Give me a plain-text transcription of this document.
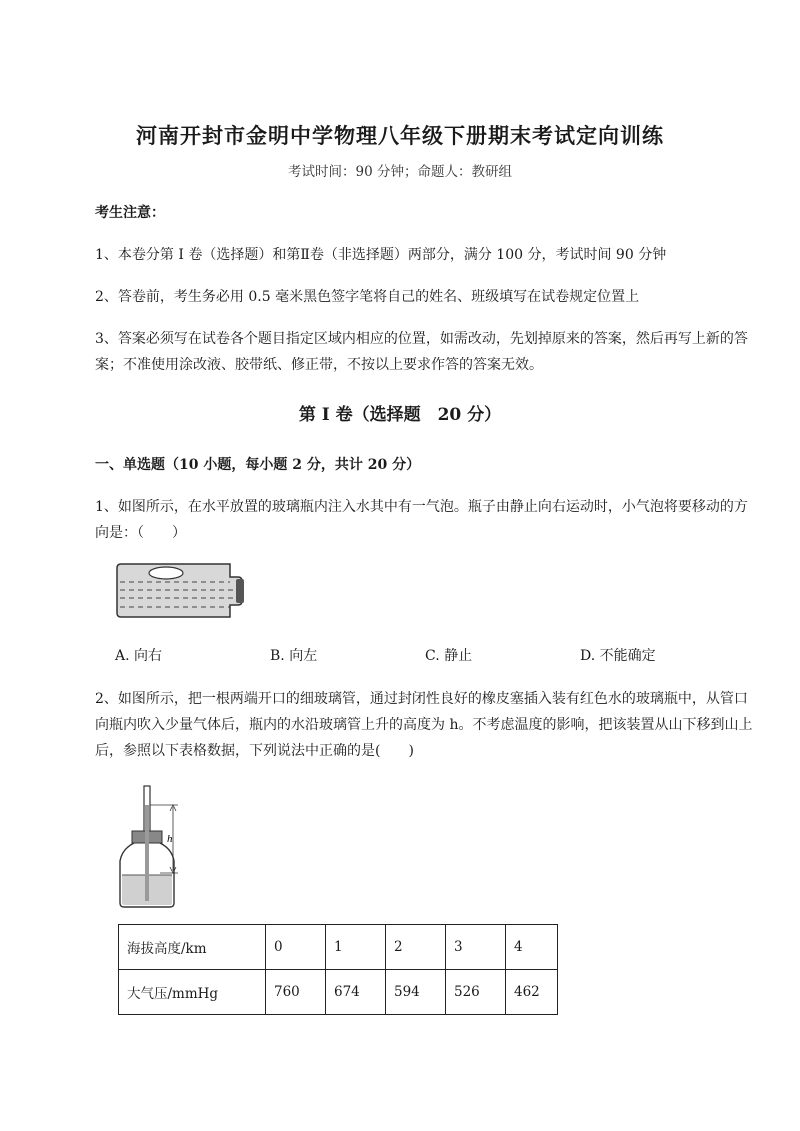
河南开封市金明中学物理八年级下册期末考试定向训练
考试时间：90 分钟；命题人：教研组
考生注意：
1、本卷分第 I 卷（选择题）和第Ⅱ卷（非选择题）两部分，满分 100 分，考试时间 90 分钟
2、答卷前，考生务必用 0.5 毫米黑色签字笔将自己的姓名、班级填写在试卷规定位置上
3、答案必须写在试卷各个题目指定区域内相应的位置，如需改动，先划掉原来的答案，然后再写上新的答案；不准使用涂改液、胶带纸、修正带，不按以上要求作答的答案无效。
第 I 卷（选择题　20 分）
一、单选题（10 小题，每小题 2 分，共计 20 分）
1、如图所示，在水平放置的玻璃瓶内注入水其中有一气泡。瓶子由静止向右运动时，小气泡将要移动的方向是：（　　）
A. 向右	B. 向左	C. 静止	D. 不能确定
2、如图所示，把一根两端开口的细玻璃管，通过封闭性良好的橡皮塞插入装有红色水的玻璃瓶中，从管口向瓶内吹入少量气体后，瓶内的水沿玻璃管上升的高度为 h。不考虑温度的影响，把该装置从山下移到山上后，参照以下表格数据，下列说法中正确的是(　　)
h
海拔高度/km	0	1	2	3	4
大气压/mmHg	760	674	594	526	462
